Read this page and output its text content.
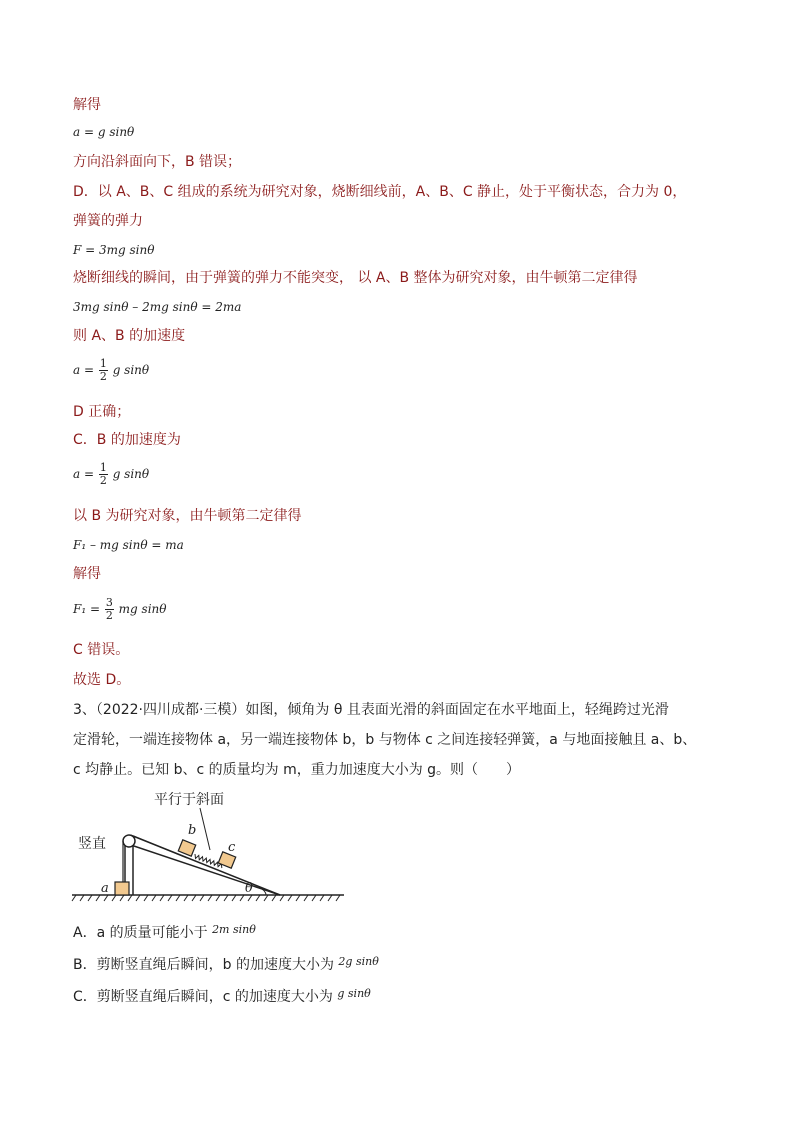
解得
a = g sinθ
方向沿斜面向下，B 错误；
D．以 A、B、C 组成的系统为研究对象，烧断细线前，A、B、C 静止，处于平衡状态，合力为 0，
弹簧的弹力
F = 3mg sinθ
烧断细线的瞬间，由于弹簧的弹力不能突变， 以 A、B 整体为研究对象，由牛顿第二定律得
3mg sinθ – 2mg sinθ = 2ma
则 A、B 的加速度
$a = \frac{1}{2}$ g sinθ
D 正确；
C．B 的加速度为
$a = \frac{1}{2}$ g sinθ
以 B 为研究对象，由牛顿第二定律得
F₁ – mg sinθ = ma
解得
$F_1 = \frac{3}{2}$ mg sinθ
C 错误。
故选 D。
3、（2022·四川成都·三模）如图，倾角为 θ 且表面光滑的斜面固定在水平地面上，轻绳跨过光滑
定滑轮，一端连接物体 a，另一端连接物体 b，b 与物体 c 之间连接轻弹簧，a 与地面接触且 a、b、
c 均静止。已知 b、c 的质量均为 m，重力加速度大小为 g。则（　　）
平行于斜面
竖直
a
b
c
θ
A．a 的质量可能小于 $^{2m sin\theta}$
B．剪断竖直绳后瞬间，b 的加速度大小为 $^{2g sin\theta}$
C．剪断竖直绳后瞬间，c 的加速度大小为 $^{g sin\theta}$
